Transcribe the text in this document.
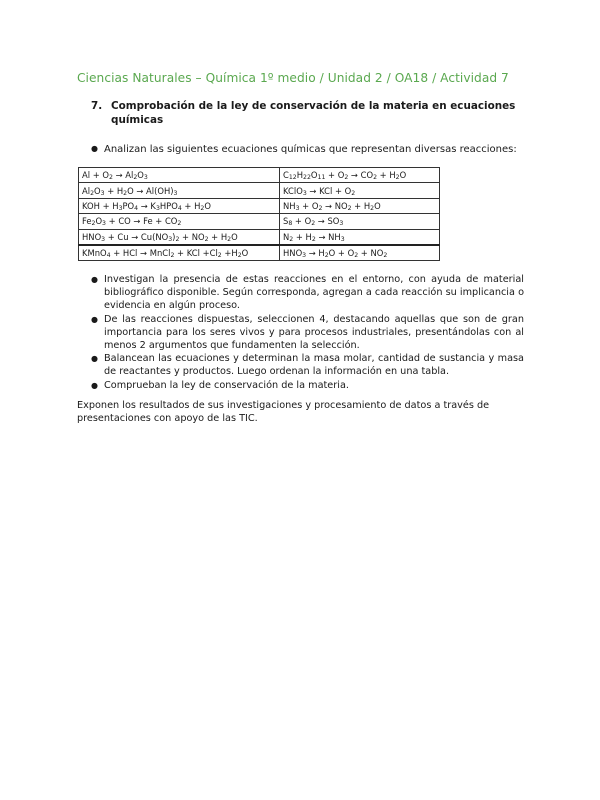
Ciencias Naturales – Química 1º medio / Unidad 2 / OA18 / Actividad 7
7. Comprobación de la ley de conservación de la materia en ecuaciones químicas
● Analizan las siguientes ecuaciones químicas que representan diversas reacciones:
$Al + O_2 \to Al_2O_3$	$C_{12}H_{22}O_{11} + O_2 \to CO_2 + H_2O$
$Al_2O_3 + H_2O \to Al(OH)_3$	KClO$_3$ → KCl + $O_2$
KOH + $H_3PO_4 \to K_3HPO_4 + H_2O$	$NH_3 + O_2 \to NO_2 + H_2O$
$Fe_2O_3$ + CO → $Fe + CO_2$	$S_8 + O_2 \to SO_3$
$HNO_3 + Cu \to Cu(NO_3)_2 + NO_2 + H_2O$	$N_2 + H_2 \to NH_3$
KMnO$_4$ + HCl → MnCl$_2$ + KCl $+Cl_2 +H_2O$	$HNO_3 \to H_2O + O_2 + NO_2$

● Investigan la presencia de estas reacciones en el entorno, con ayuda de material bibliográfico disponible. Según corresponda, agregan a cada reacción su implicancia o evidencia en algún proceso.

● De las reacciones dispuestas, seleccionen 4, destacando aquellas que son de gran importancia para los seres vivos y para procesos industriales, presentándolas con al menos 2 argumentos que fundamenten la selección.

● Balancean las ecuaciones y determinan la masa molar, cantidad de sustancia y masa de reactantes y productos. Luego ordenan la información en una tabla.

● Comprueban la ley de conservación de la materia.

Exponen los resultados de sus investigaciones y procesamiento de datos a través de presentaciones con apoyo de las TIC.
